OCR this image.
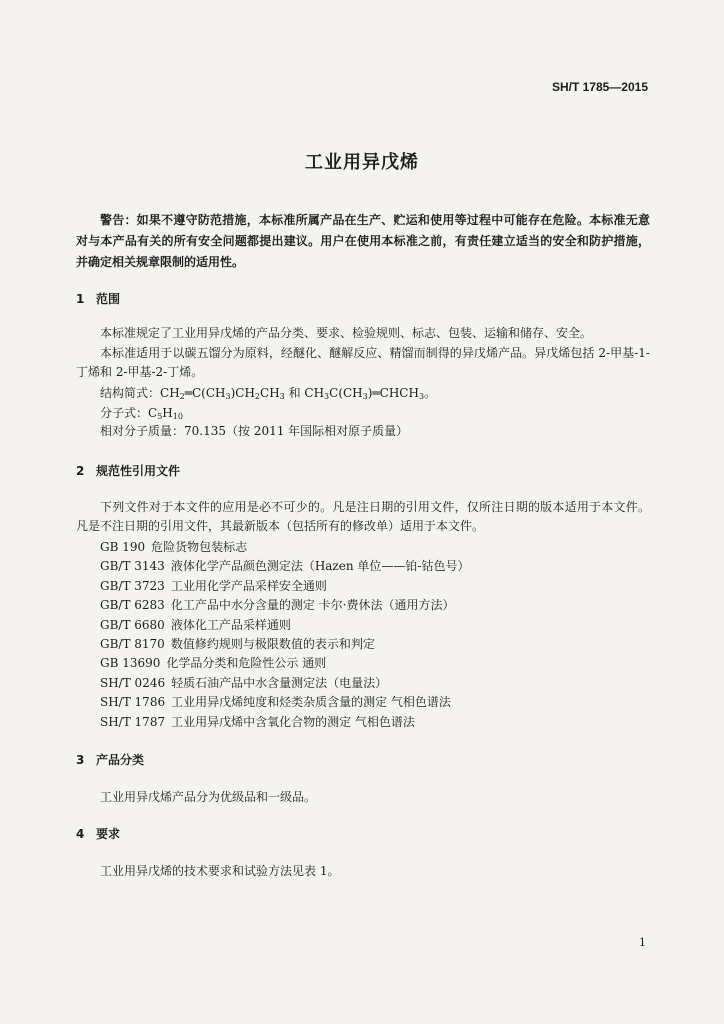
SH/T 1785—2015
工业用异戊烯
警告：如果不遵守防范措施，本标准所属产品在生产、贮运和使用等过程中可能存在危险。本标准无意对与本产品有关的所有安全问题都提出建议。用户在使用本标准之前，有责任建立适当的安全和防护措施，并确定相关规章限制的适用性。
1 范围
本标准规定了工业用异戊烯的产品分类、要求、检验规则、标志、包装、运输和储存、安全。
本标准适用于以碳五馏分为原料，经醚化、醚解反应、精馏而制得的异戊烯产品。异戊烯包括 2-甲基-1-丁烯和 2-甲基-2-丁烯。
结构简式：$CH_2═C(CH_3)CH_2CH_3$ 和 $CH_3C(CH_3)═CHCH_3$。
分子式：$C_5H_{10}$
相对分子质量：70.135（按 2011 年国际相对原子质量）
2 规范性引用文件
下列文件对于本文件的应用是必不可少的。凡是注日期的引用文件，仅所注日期的版本适用于本文件。凡是不注日期的引用文件，其最新版本（包括所有的修改单）适用于本文件。
GB 190 危险货物包装标志
GB/T 3143 液体化学产品颜色测定法（Hazen 单位——铂-钴色号）
GB/T 3723 工业用化学产品采样安全通则
GB/T 6283 化工产品中水分含量的测定 卡尔·费休法（通用方法）
GB/T 6680 液体化工产品采样通则
GB/T 8170 数值修约规则与极限数值的表示和判定
GB 13690 化学品分类和危险性公示 通则
SH/T 0246 轻质石油产品中水含量测定法（电量法）
SH/T 1786 工业用异戊烯纯度和烃类杂质含量的测定 气相色谱法
SH/T 1787 工业用异戊烯中含氧化合物的测定 气相色谱法
3 产品分类
工业用异戊烯产品分为优级品和一级品。
4 要求
工业用异戊烯的技术要求和试验方法见表 1。
1
